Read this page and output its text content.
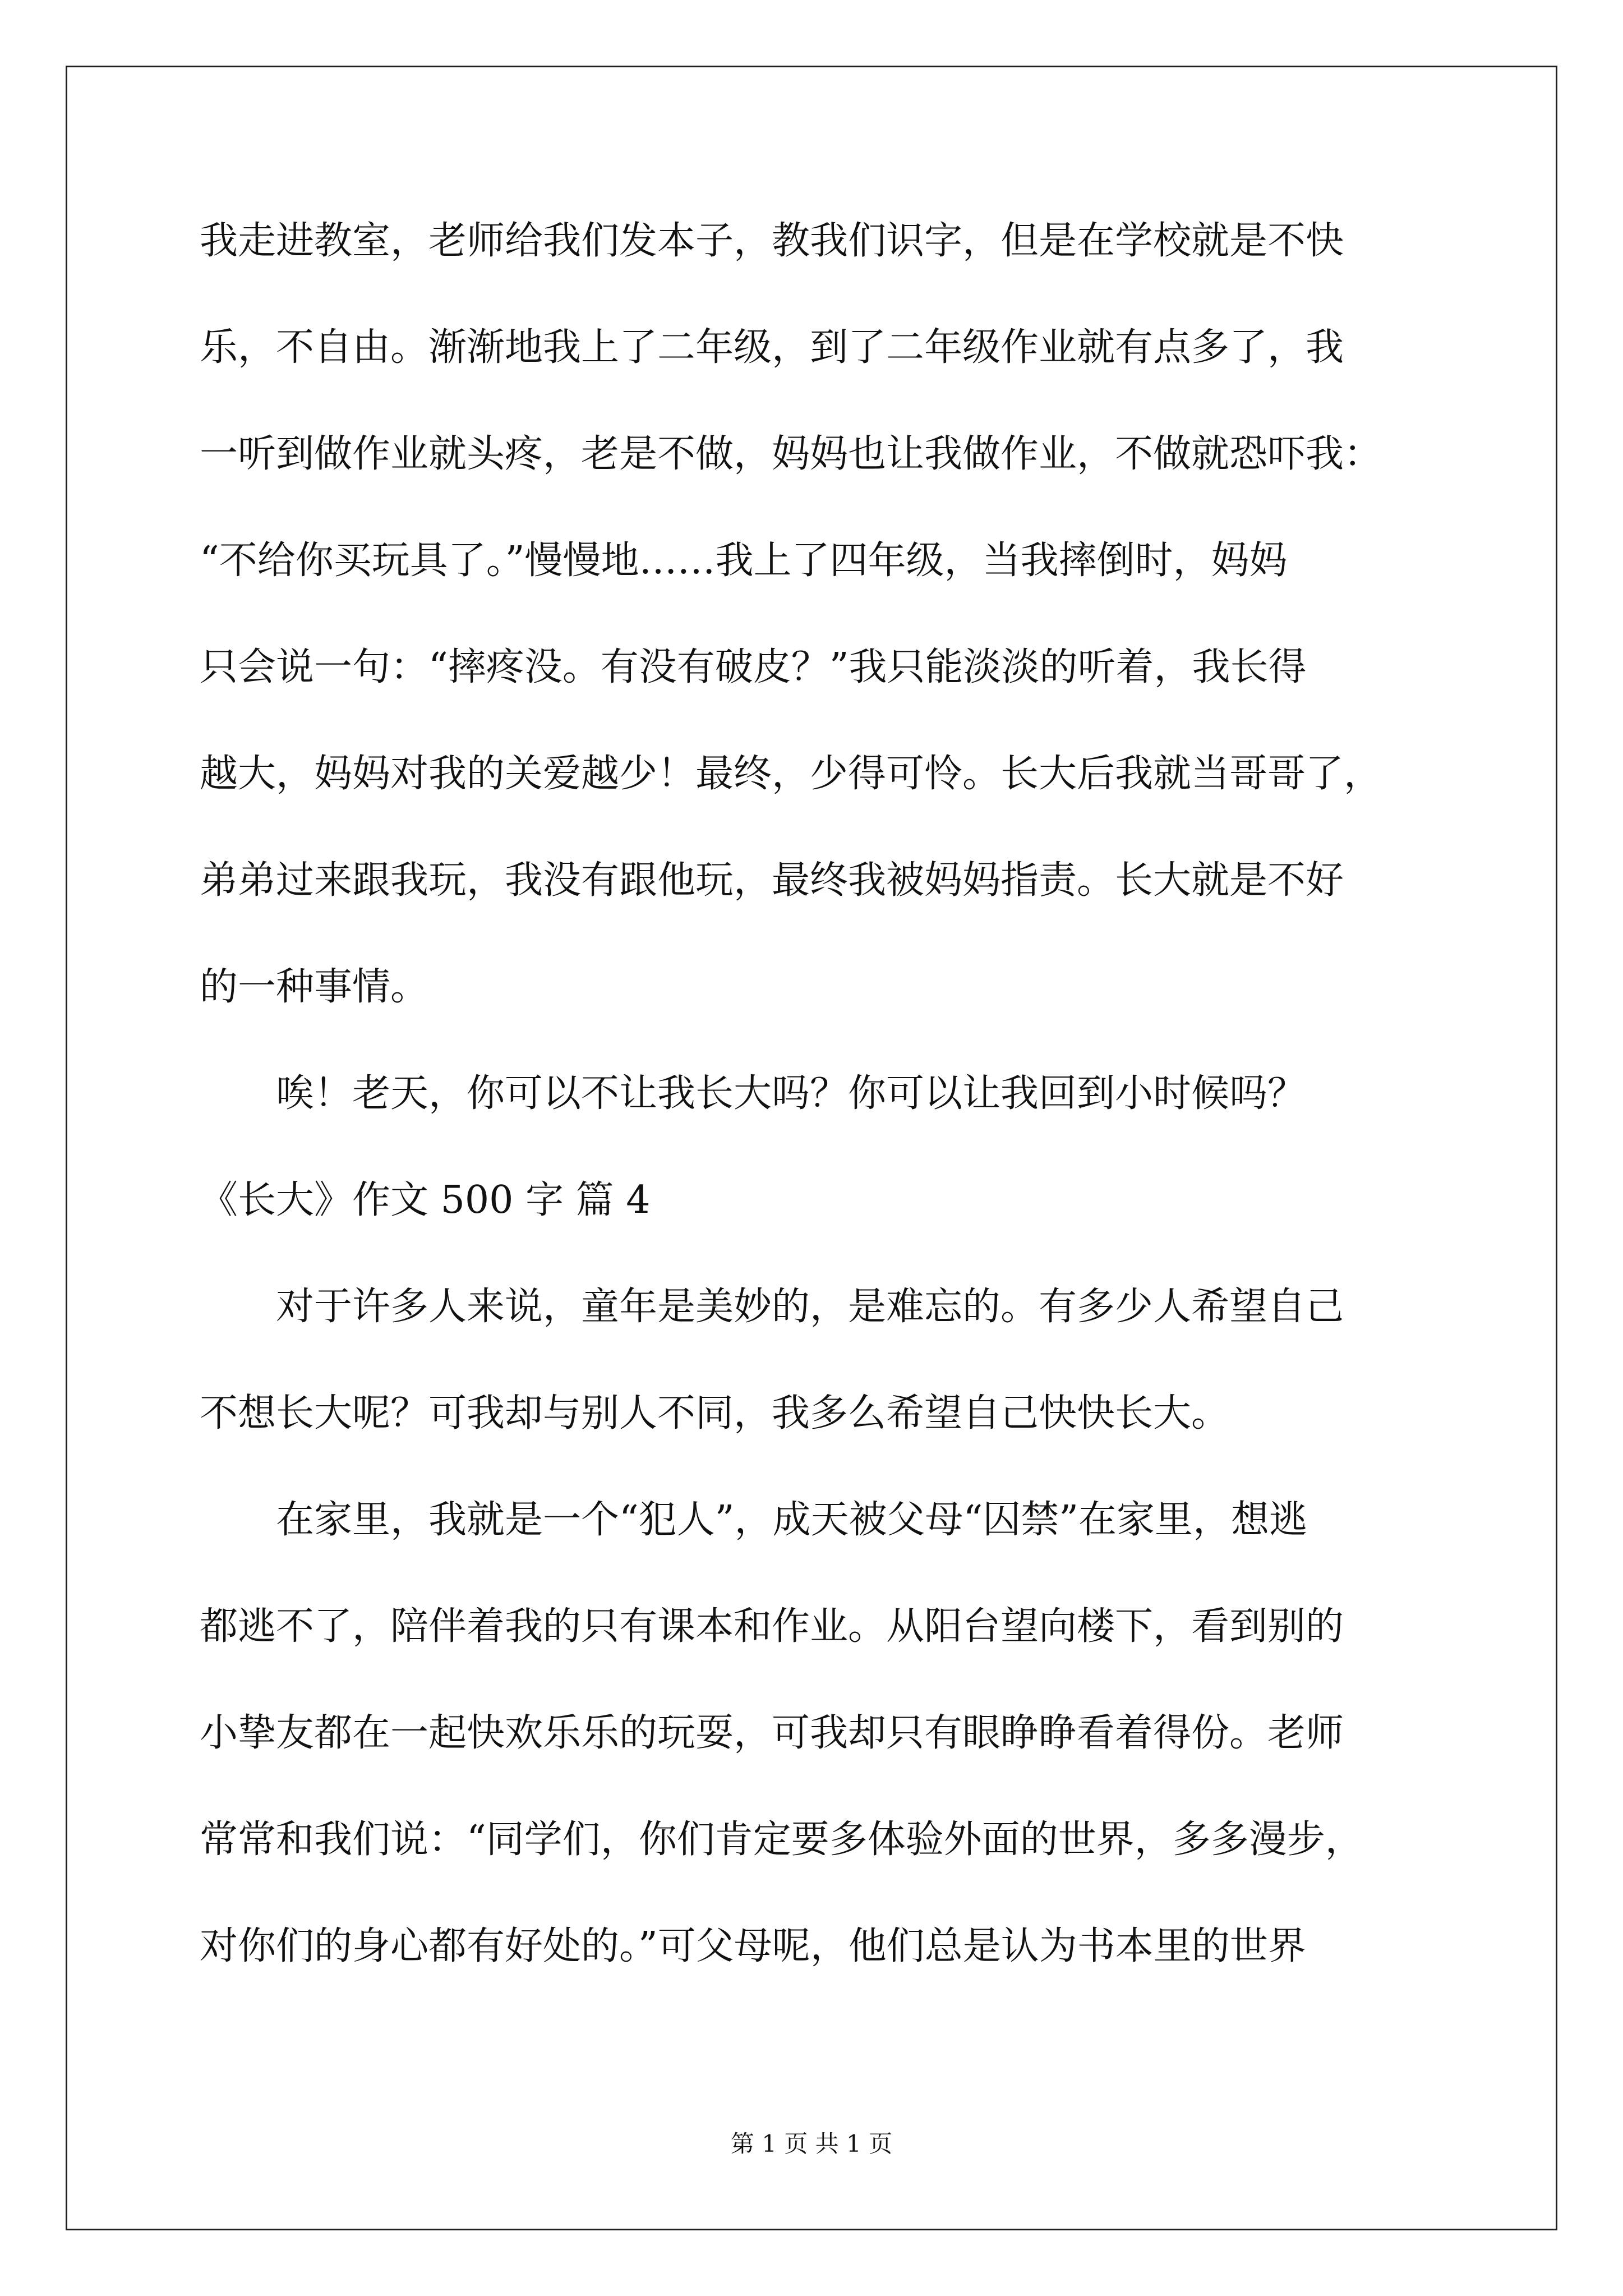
我走进教室，老师给我们发本子，教我们识字，但是在学校就是不快
乐，不自由。渐渐地我上了二年级，到了二年级作业就有点多了，我
一听到做作业就头疼，老是不做，妈妈也让我做作业，不做就恐吓我：
“不给你买玩具了。”慢慢地……我上了四年级，当我摔倒时，妈妈
只会说一句：“摔疼没。有没有破皮？”我只能淡淡的听着，我长得
越大，妈妈对我的关爱越少！最终，少得可怜。长大后我就当哥哥了，
弟弟过来跟我玩，我没有跟他玩，最终我被妈妈指责。长大就是不好
的一种事情。
　　唉！老天，你可以不让我长大吗？你可以让我回到小时候吗？
《长大》作文 500 字 篇 4
　　对于许多人来说，童年是美妙的，是难忘的。有多少人希望自己
不想长大呢？可我却与别人不同，我多么希望自己快快长大。
　　在家里，我就是一个“犯人”，成天被父母“囚禁”在家里，想逃
都逃不了，陪伴着我的只有课本和作业。从阳台望向楼下，看到别的
小挚友都在一起快欢乐乐的玩耍，可我却只有眼睁睁看着得份。老师
常常和我们说：“同学们，你们肯定要多体验外面的世界，多多漫步，
对你们的身心都有好处的。”可父母呢，他们总是认为书本里的世界
第 1 页 共 1 页
